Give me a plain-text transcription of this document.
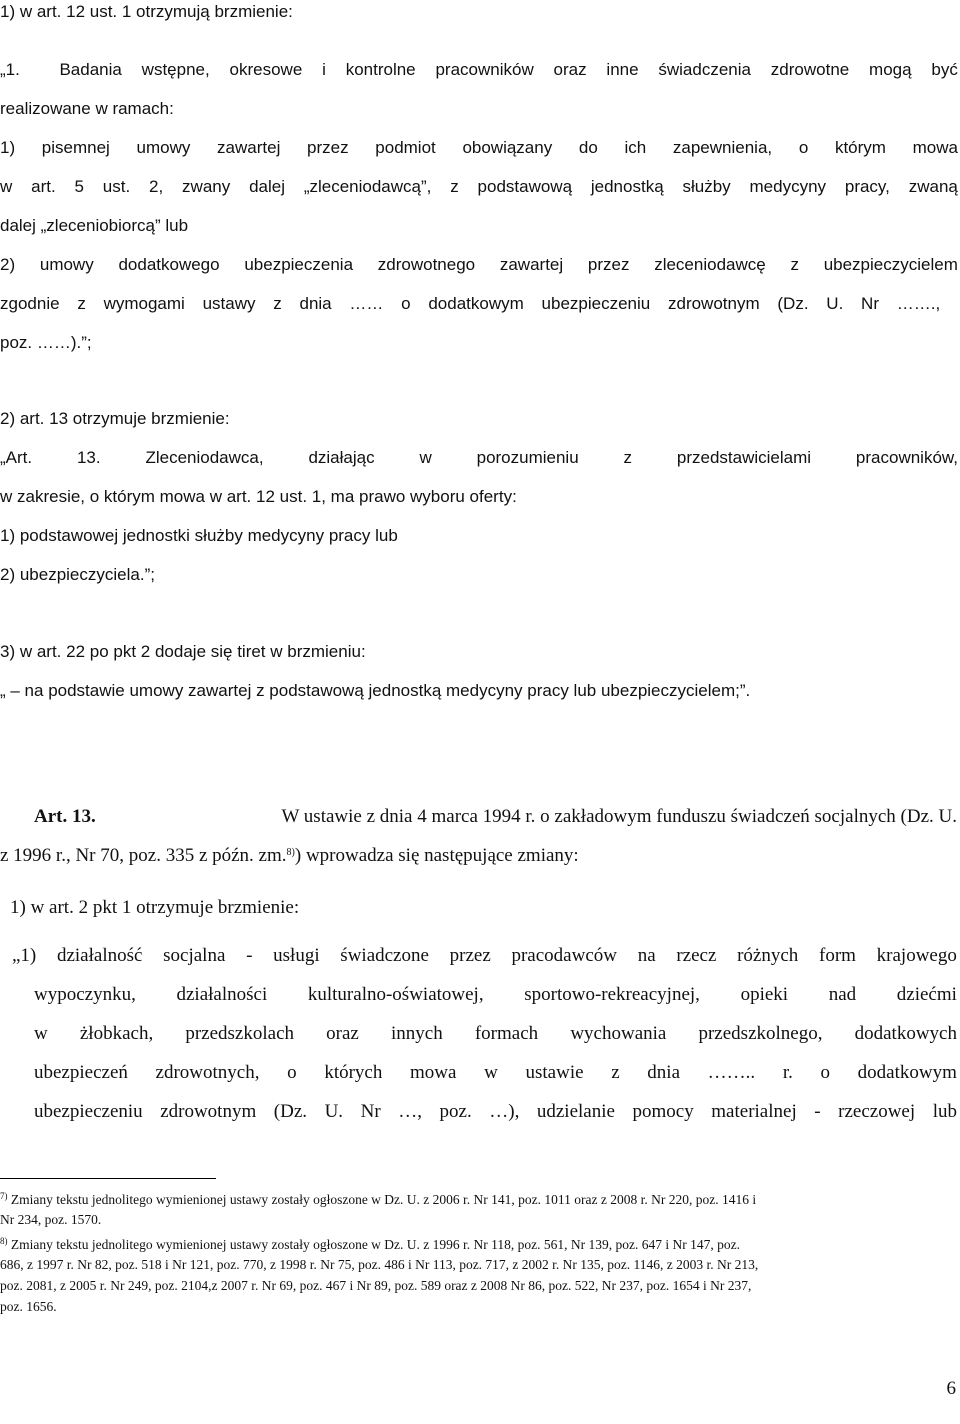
1) w art. 12 ust. 1 otrzymują brzmienie:
„1. Badania wstępne, okresowe i kontrolne pracowników oraz inne świadczenia zdrowotne mogą być
realizowane w ramach:
1) pisemnej umowy zawartej przez podmiot obowiązany do ich zapewnienia, o którym mowa
w art. 5 ust. 2, zwany dalej „zleceniodawcą”, z podstawową jednostką służby medycyny pracy, zwaną
dalej „zleceniobiorcą” lub
2) umowy dodatkowego ubezpieczenia zdrowotnego zawartej przez zleceniodawcę z ubezpieczycielem
zgodnie z wymogami ustawy z dnia …… o dodatkowym ubezpieczeniu zdrowotnym (Dz. U. Nr …….,
poz. ……).”;
2) art. 13 otrzymuje brzmienie:
„Art.	13.	Zleceniodawca,	działając	w	porozumieniu	z	przedstawicielami	pracowników,
w zakresie, o którym mowa w art. 12 ust. 1, ma prawo wyboru oferty:
1) podstawowej jednostki służby medycyny pracy lub
2) ubezpieczyciela.”;
3) w art. 22 po pkt 2 dodaje się tiret w brzmieniu:
„ – na podstawie umowy zawartej z podstawową jednostką medycyny pracy lub ubezpieczycielem;”.
Art. 13.	W ustawie z dnia 4 marca 1994 r. o zakładowym funduszu świadczeń socjalnych (Dz. U.
z 1996 r., Nr 70, poz. 335 z późn. zm.$^{8)}$) wprowadza się następujące zmiany:
1) w art. 2 pkt 1 otrzymuje brzmienie:
„1) działalność socjalna - usługi świadczone przez pracodawców na rzecz różnych form krajowego
wypoczynku, działalności kulturalno-oświatowej, sportowo-rekreacyjnej, opieki nad dziećmi
w żłobkach, przedszkolach oraz innych formach wychowania przedszkolnego, dodatkowych
ubezpieczeń zdrowotnych, o których mowa w ustawie z dnia …….. r. o dodatkowym
ubezpieczeniu zdrowotnym (Dz. U. Nr …, poz. …), udzielanie pomocy materialnej - rzeczowej lub
$^{7)}$ Zmiany tekstu jednolitego wymienionej ustawy zostały ogłoszone w Dz. U. z 2006 r. Nr 141, poz. 1011 oraz z 2008 r. Nr 220, poz. 1416 i
Nr 234, poz. 1570.
$^{8)}$ Zmiany tekstu jednolitego wymienionej ustawy zostały ogłoszone w Dz. U. z 1996 r. Nr 118, poz. 561, Nr 139, poz. 647 i Nr 147, poz.
686, z 1997 r. Nr 82, poz. 518 i Nr 121, poz. 770, z 1998 r. Nr 75, poz. 486 i Nr 113, poz. 717, z 2002 r. Nr 135, poz. 1146, z 2003 r. Nr 213,
poz. 2081, z 2005 r. Nr 249, poz. 2104,z 2007 r. Nr 69, poz. 467 i Nr 89, poz. 589 oraz z 2008 Nr 86, poz. 522, Nr 237, poz. 1654 i Nr 237,
poz. 1656.
6
